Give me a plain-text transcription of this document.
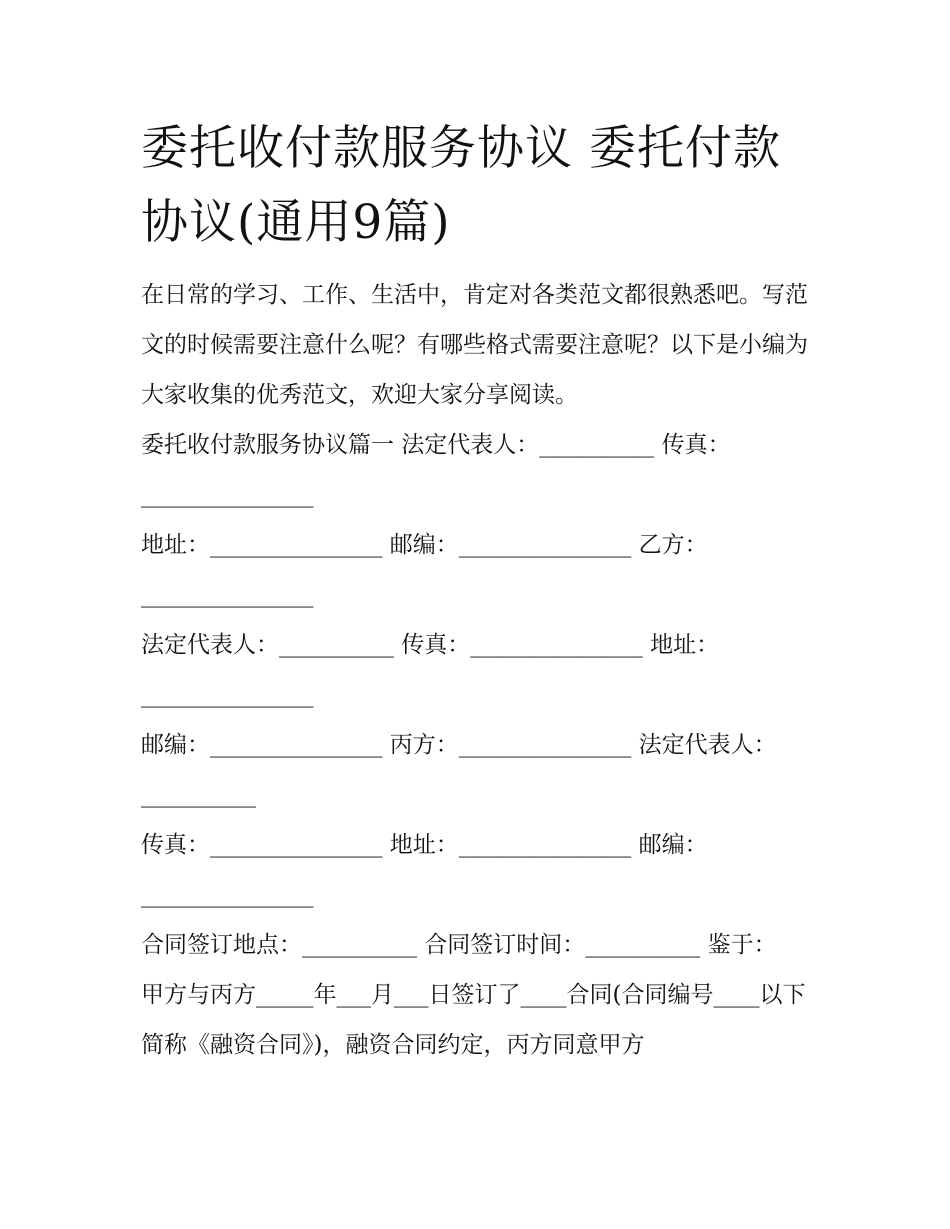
委托收付款服务协议 委托付款协议(通用9篇)

在日常的学习、工作、生活中，肯定对各类范文都很熟悉吧。写范文的时候需要注意什么呢？有哪些格式需要注意呢？以下是小编为大家收集的优秀范文，欢迎大家分享阅读。

委托收付款服务协议篇一 法定代表人：__________ 传真：_______________

地址：_______________ 邮编：_______________ 乙方：_______________

法定代表人：__________ 传真：_______________ 地址：_______________

邮编：_______________ 丙方：_______________ 法定代表人：__________

传真：_______________ 地址：_______________ 邮编：_______________

合同签订地点：__________ 合同签订时间：__________ 鉴于：

甲方与丙方_____年___月___日签订了____合同(合同编号____以下简称《融资合同》)，融资合同约定，丙方同意甲方
